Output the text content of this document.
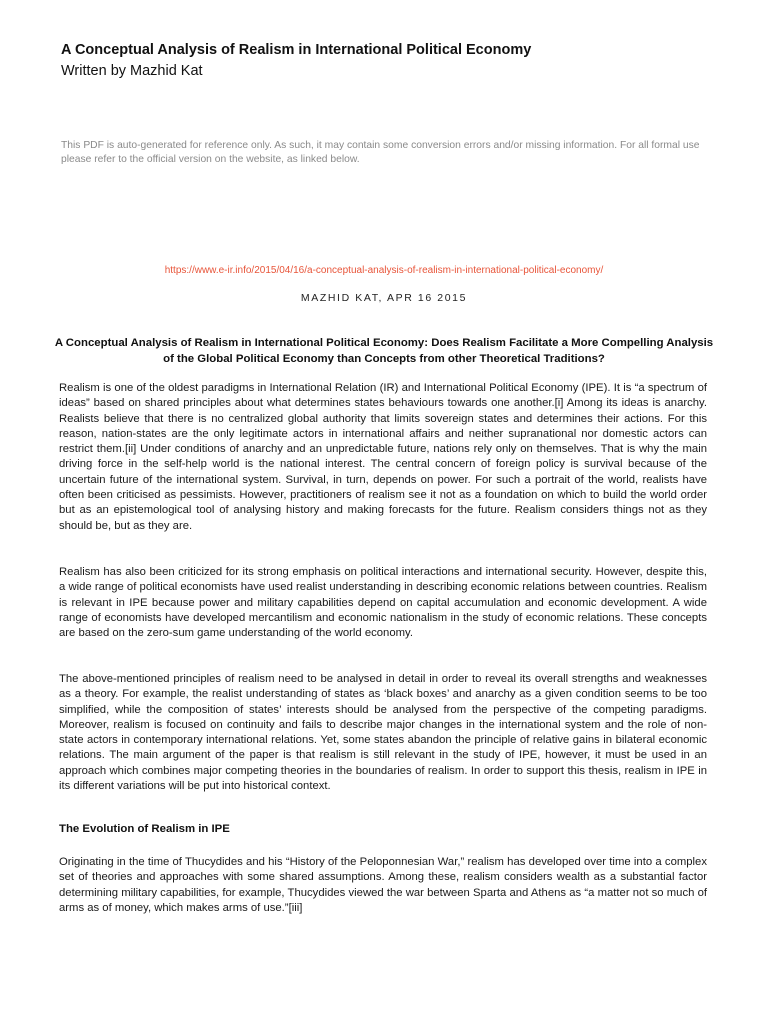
A Conceptual Analysis of Realism in International Political Economy
Written by Mazhid Kat
This PDF is auto-generated for reference only. As such, it may contain some conversion errors and/or missing information. For all formal use please refer to the official version on the website, as linked below.
https://www.e-ir.info/2015/04/16/a-conceptual-analysis-of-realism-in-international-political-economy/
MAZHID KAT, APR 16 2015
A Conceptual Analysis of Realism in International Political Economy: Does Realism Facilitate a More Compelling Analysis of the Global Political Economy than Concepts from other Theoretical Traditions?

Realism is one of the oldest paradigms in International Relation (IR) and International Political Economy (IPE). It is “a spectrum of ideas” based on shared principles about what determines states behaviours towards one another.[i] Among its ideas is anarchy. Realists believe that there is no centralized global authority that limits sovereign states and determines their actions. For this reason, nation-states are the only legitimate actors in international affairs and neither supranational nor domestic actors can restrict them.[ii] Under conditions of anarchy and an unpredictable future, nations rely only on themselves. That is why the main driving force in the self-help world is the national interest. The central concern of foreign policy is survival because of the uncertain future of the international system. Survival, in turn, depends on power. For such a portrait of the world, realists have often been criticised as pessimists. However, practitioners of realism see it not as a foundation on which to build the world order but as an epistemological tool of analysing history and making forecasts for the future. Realism considers things not as they should be, but as they are.

Realism has also been criticized for its strong emphasis on political interactions and international security. However, despite this, a wide range of political economists have used realist understanding in describing economic relations between countries. Realism is relevant in IPE because power and military capabilities depend on capital accumulation and economic development. A wide range of economists have developed mercantilism and economic nationalism in the study of economic relations. These concepts are based on the zero-sum game understanding of the world economy.

The above-mentioned principles of realism need to be analysed in detail in order to reveal its overall strengths and weaknesses as a theory. For example, the realist understanding of states as ‘black boxes’ and anarchy as a given condition seems to be too simplified, while the composition of states’ interests should be analysed from the perspective of the competing paradigms. Moreover, realism is focused on continuity and fails to describe major changes in the international system and the role of non-state actors in contemporary international relations. Yet, some states abandon the principle of relative gains in bilateral economic relations. The main argument of the paper is that realism is still relevant in the study of IPE, however, it must be used in an approach which combines major competing theories in the boundaries of realism. In order to support this thesis, realism in IPE in its different variations will be put into historical context.

The Evolution of Realism in IPE

Originating in the time of Thucydides and his “History of the Peloponnesian War,” realism has developed over time into a complex set of theories and approaches with some shared assumptions. Among these, realism considers wealth as a substantial factor determining military capabilities, for example, Thucydides viewed the war between Sparta and Athens as “a matter not so much of arms as of money, which makes arms of use.”[iii]
